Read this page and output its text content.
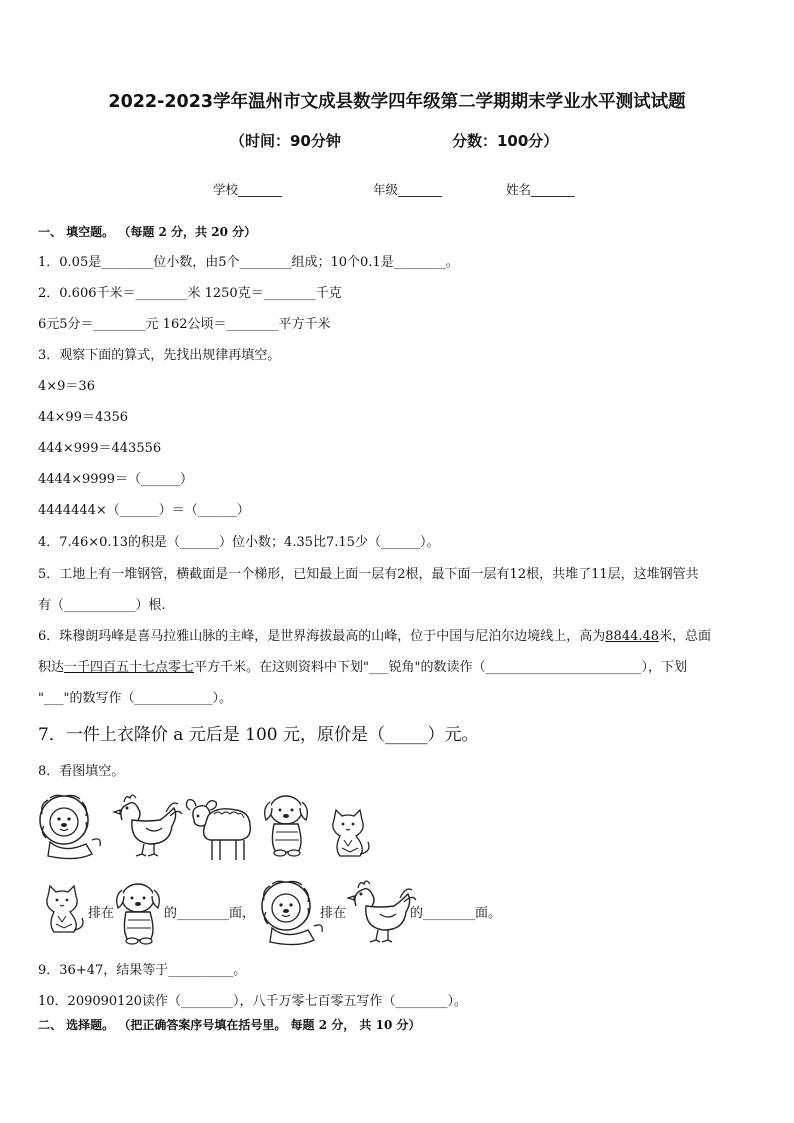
2022-2023学年温州市文成县数学四年级第二学期期末学业水平测试试题
（时间：90分钟	分数：100分）
学校_______	年级_______	姓名_______
一、 填空题。 （每题 2 分，共 20 分）
1．0.05是________位小数，由5个________组成；10个0.1是________。
2．0.606千米＝________米 1250克＝________千克
6元5分＝________元 162公顷＝________平方千米
3．观察下面的算式，先找出规律再填空。
4×9＝36
44×99＝4356
444×999＝443556
4444×9999＝（______）
4444444×（______）＝（______）
4．7.46×0.13的积是（______）位小数；4.35比7.15少（______）。
5．工地上有一堆钢管，横截面是一个梯形，已知最上面一层有2根，最下面一层有12根，共堆了11层，这堆钢管共
有（___________）根.
6．珠穆朗玛峰是喜马拉雅山脉的主峰，是世界海拔最高的山峰，位于中国与尼泊尔边境线上，高为8844.48米，总面
积达一千四百五十七点零七平方千米。在这则资料中下划"___锐角"的数读作（________________________），下划
"___"的数写作（____________）。
7．一件上衣降价 a 元后是 100 元，原价是（_____）元。
8．看图填空。
排在	的________面，	排在	的________面。
9．36+47，结果等于__________。
10．209090120读作（________），八千万零七百零五写作（________）。
二、 选择题。 （把正确答案序号填在括号里。 每题 2 分， 共 10 分）
